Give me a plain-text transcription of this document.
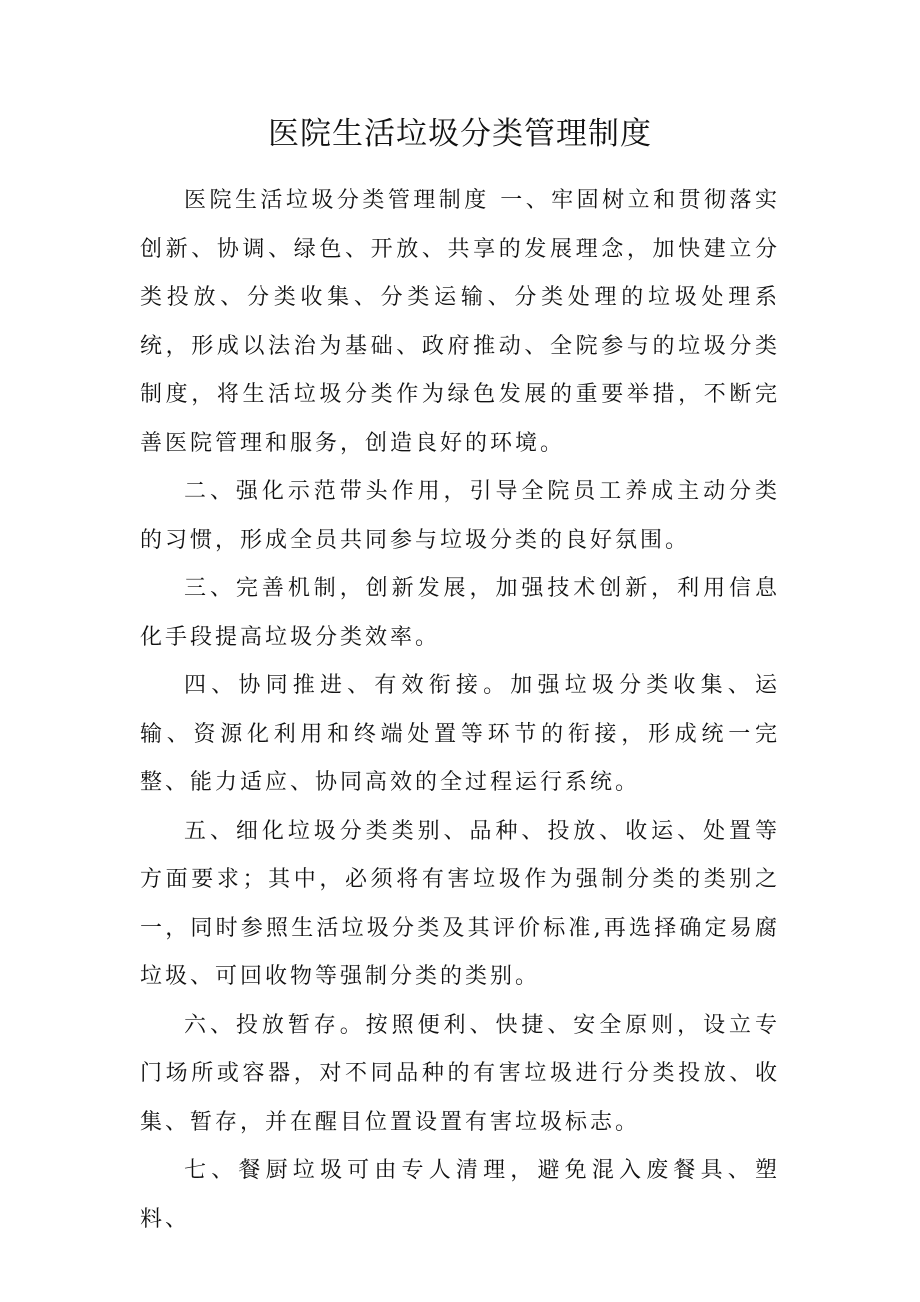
医院生活垃圾分类管理制度

医院生活垃圾分类管理制度 一、牢固树立和贯彻落实创新、协调、绿色、开放、共享的发展理念，加快建立分类投放、分类收集、分类运输、分类处理的垃圾处理系统，形成以法治为基础、政府推动、全院参与的垃圾分类制度，将生活垃圾分类作为绿色发展的重要举措，不断完善医院管理和服务，创造良好的环境。

二、强化示范带头作用，引导全院员工养成主动分类的习惯，形成全员共同参与垃圾分类的良好氛围。

三、完善机制，创新发展，加强技术创新，利用信息化手段提高垃圾分类效率。

四、协同推进、有效衔接。加强垃圾分类收集、运输、资源化利用和终端处置等环节的衔接，形成统一完整、能力适应、协同高效的全过程运行系统。

五、细化垃圾分类类别、品种、投放、收运、处置等方面要求；其中，必须将有害垃圾作为强制分类的类别之一，同时参照生活垃圾分类及其评价标准,再选择确定易腐垃圾、可回收物等强制分类的类别。

六、投放暂存。按照便利、快捷、安全原则，设立专门场所或容器，对不同品种的有害垃圾进行分类投放、收集、暂存，并在醒目位置设置有害垃圾标志。

七、餐厨垃圾可由专人清理，避免混入废餐具、塑料、
